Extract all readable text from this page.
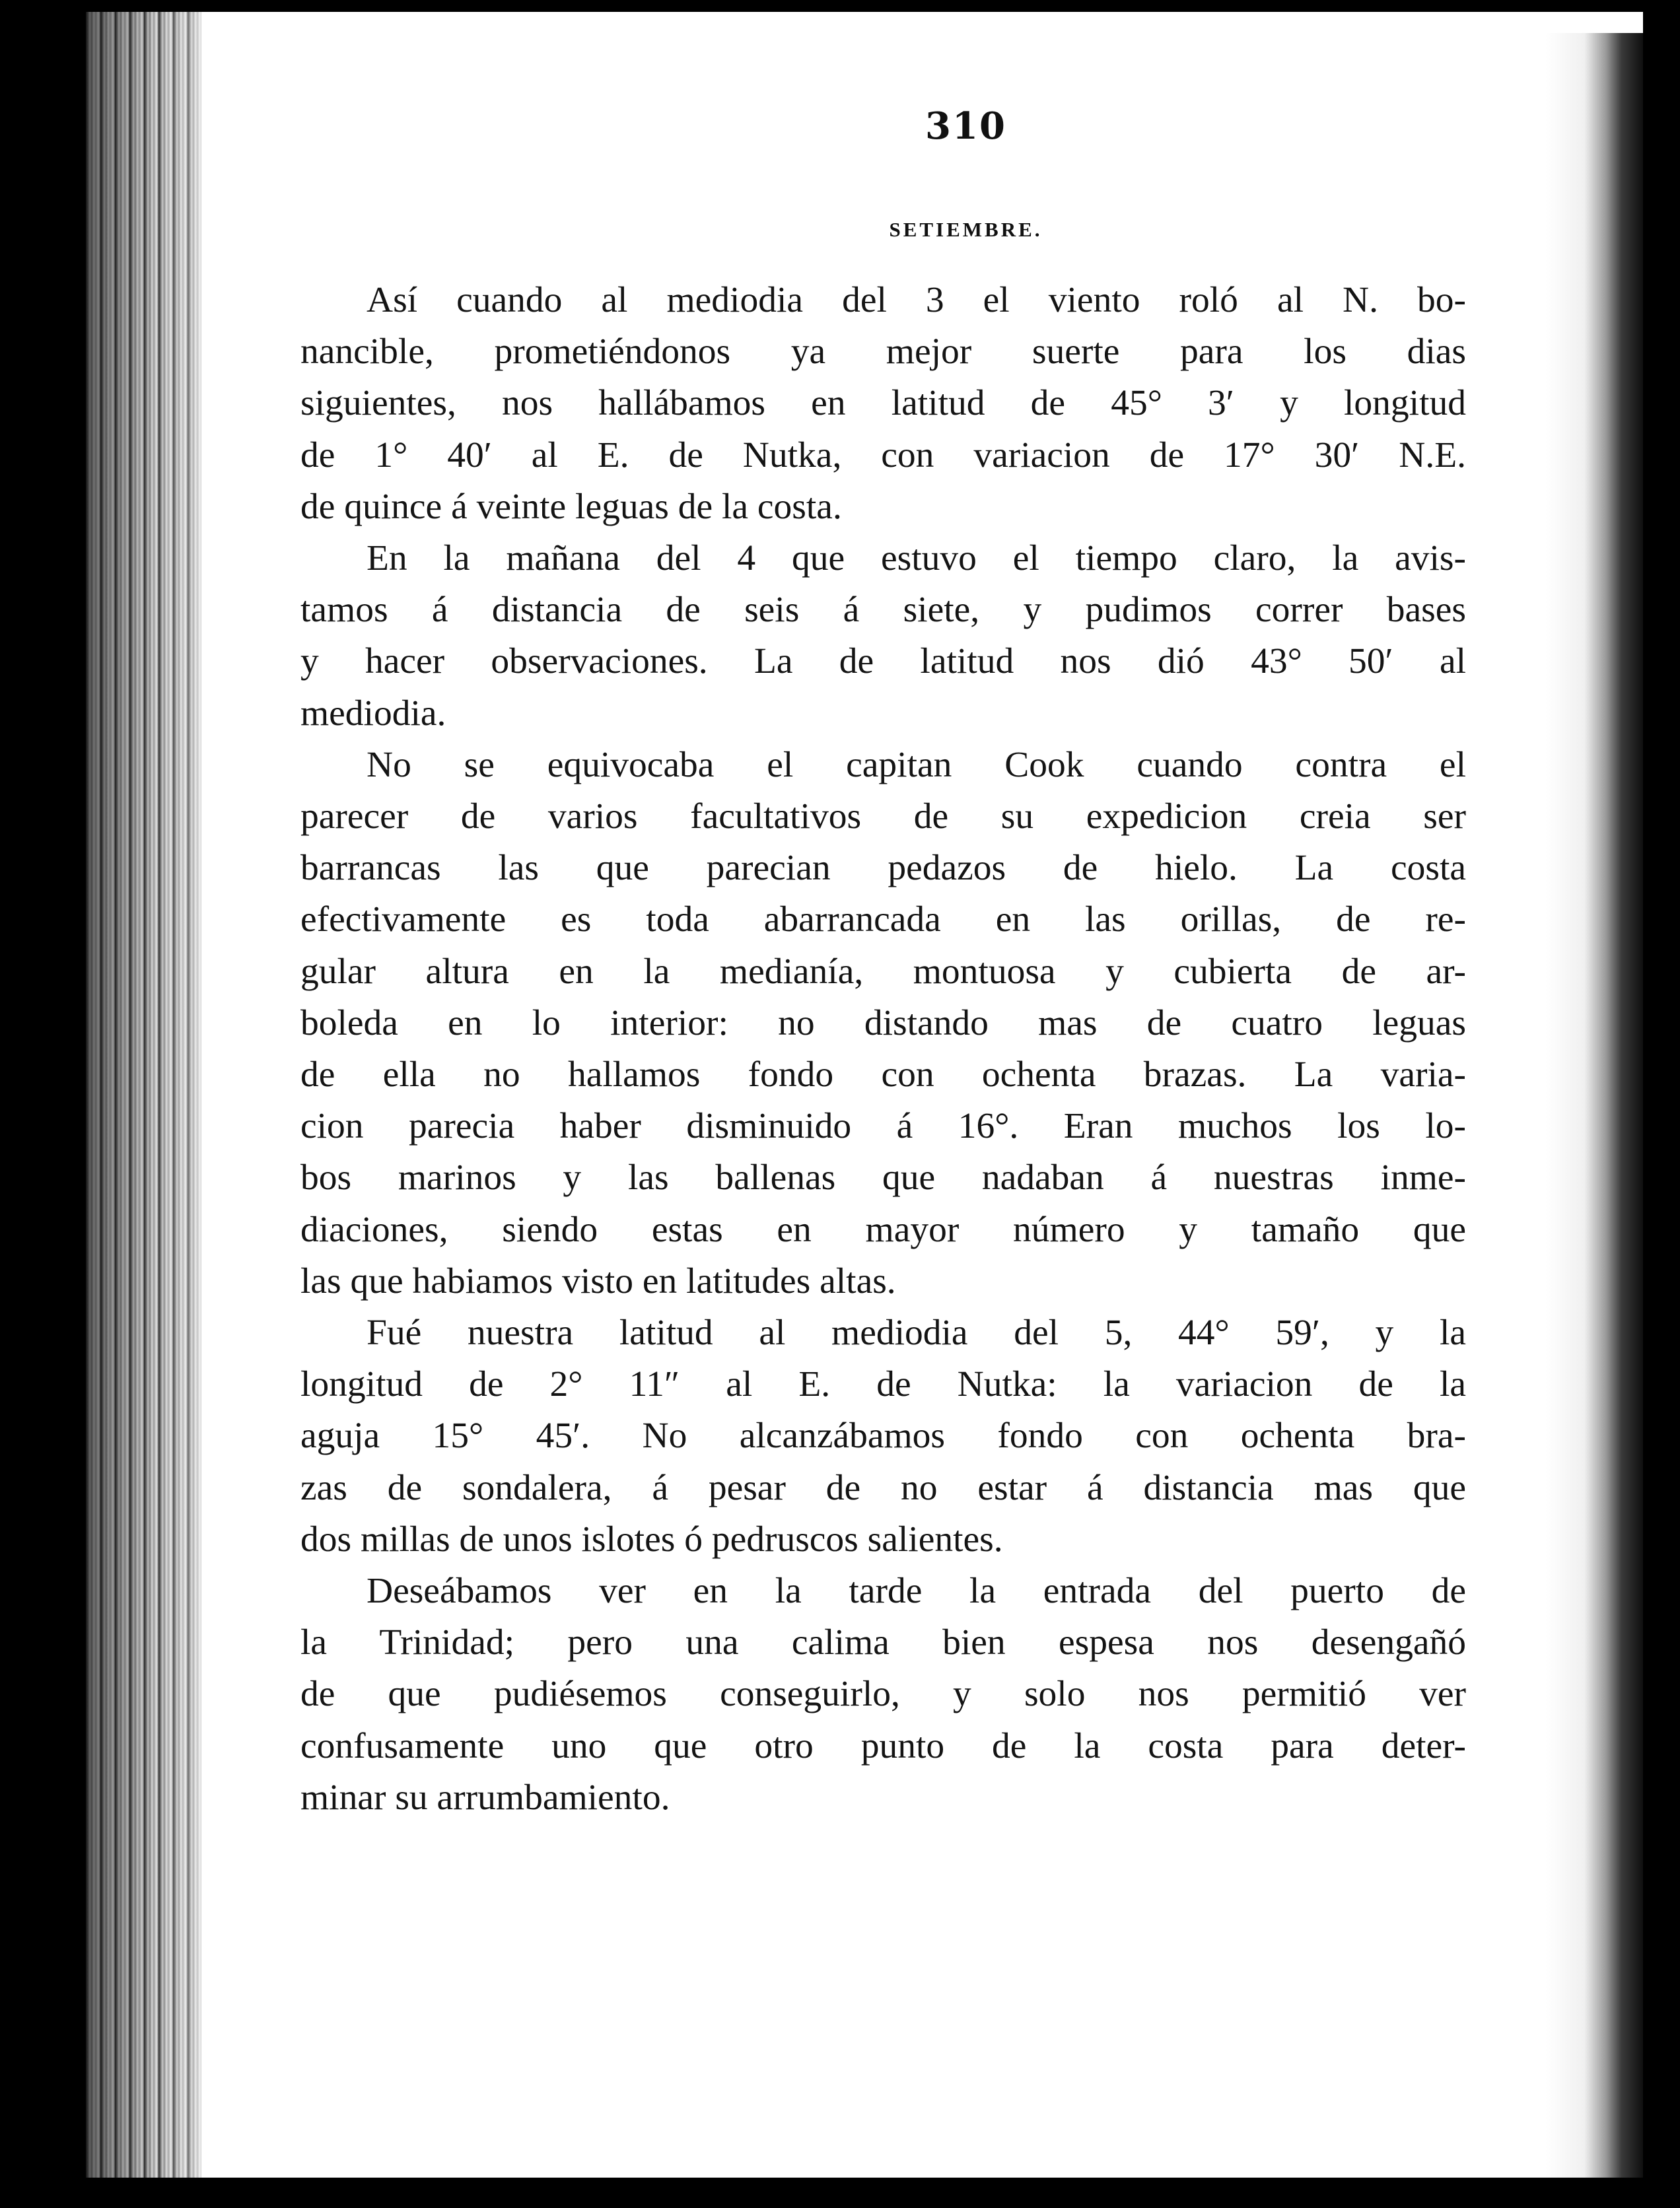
310
SETIEMBRE.
Así cuando al mediodia del 3 el viento roló al N. bo-
nancible, prometiéndonos ya mejor suerte para los dias
siguientes, nos hallábamos en latitud de 45° 3′ y longitud
de 1° 40′ al E. de Nutka, con variacion de 17° 30′ N.E.
de quince á veinte leguas de la costa.
En la mañana del 4 que estuvo el tiempo claro, la avis-
tamos á distancia de seis á siete, y pudimos correr bases
y hacer observaciones. La de latitud nos dió 43° 50′ al
mediodia.
No se equivocaba el capitan Cook cuando contra el
parecer de varios facultativos de su expedicion creia ser
barrancas las que parecian pedazos de hielo. La costa
efectivamente es toda abarrancada en las orillas, de re-
gular altura en la medianía, montuosa y cubierta de ar-
boleda en lo interior: no distando mas de cuatro leguas
de ella no hallamos fondo con ochenta brazas. La varia-
cion parecia haber disminuido á 16°. Eran muchos los lo-
bos marinos y las ballenas que nadaban á nuestras inme-
diaciones, siendo estas en mayor número y tamaño que
las que habiamos visto en latitudes altas.
Fué nuestra latitud al mediodia del 5, 44° 59′, y la
longitud de 2° 11″ al E. de Nutka: la variacion de la
aguja 15° 45′. No alcanzábamos fondo con ochenta bra-
zas de sondalera, á pesar de no estar á distancia mas que
dos millas de unos islotes ó pedruscos salientes.
Deseábamos ver en la tarde la entrada del puerto de
la Trinidad; pero una calima bien espesa nos desengañó
de que pudiésemos conseguirlo, y solo nos permitió ver
confusamente uno que otro punto de la costa para deter-
minar su arrumbamiento.
